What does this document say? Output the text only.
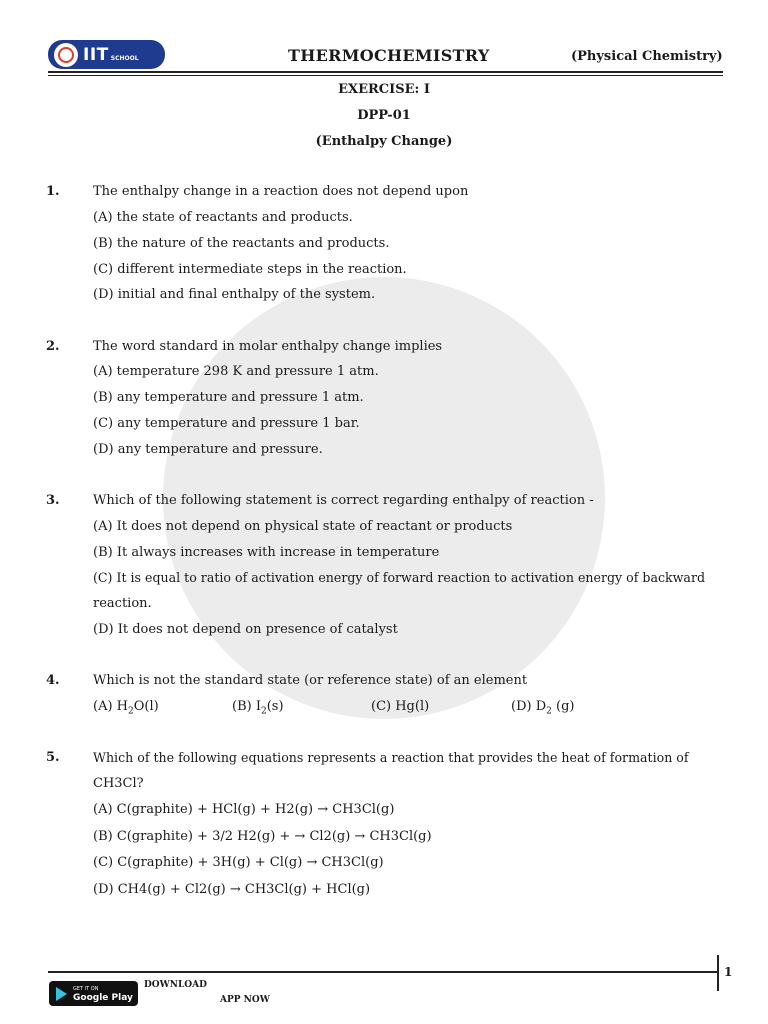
IIT SCHOOL	THERMOCHEMISTRY	(Physical Chemistry)
EXERCISE: I
DPP-01
(Enthalpy Change)
1.	The enthalpy change in a reaction does not depend upon
(A) the state of reactants and products.
(B) the nature of the reactants and products.
(C) different intermediate steps in the reaction.
(D) initial and final enthalpy of the system.
2.	The word standard in molar enthalpy change implies
(A) temperature 298 K and pressure 1 atm.
(B) any temperature and pressure 1 atm.
(C) any temperature and pressure 1 bar.
(D) any temperature and pressure.
3.	Which of the following statement is correct regarding enthalpy of reaction -
(A) It does not depend on physical state of reactant or products
(B) It always increases with increase in temperature
(C) It is equal to ratio of activation energy of forward reaction to activation energy of backward
reaction.
(D) It does not depend on presence of catalyst
4.	Which is not the standard state (or reference state) of an element
(A) $H_2O(l)$	(B) $I_2(s)$	(C) Hg(l)	(D) $D_2$ (g)
5.	Which of the following equations represents a reaction that provides the heat of formation of
CH3Cl?
(A) C(graphite) + HCl(g) + H2(g) → CH3Cl(g)
(B) C(graphite) + 3/2 H2(g) + → Cl2(g) → CH3Cl(g)
(C) C(graphite) + 3H(g) + Cl(g) → CH3Cl(g)
(D) CH4(g) + Cl2(g) → CH3Cl(g) + HCl(g)
1
GET IT ON
Google Play
DOWNLOAD
APP NOW
